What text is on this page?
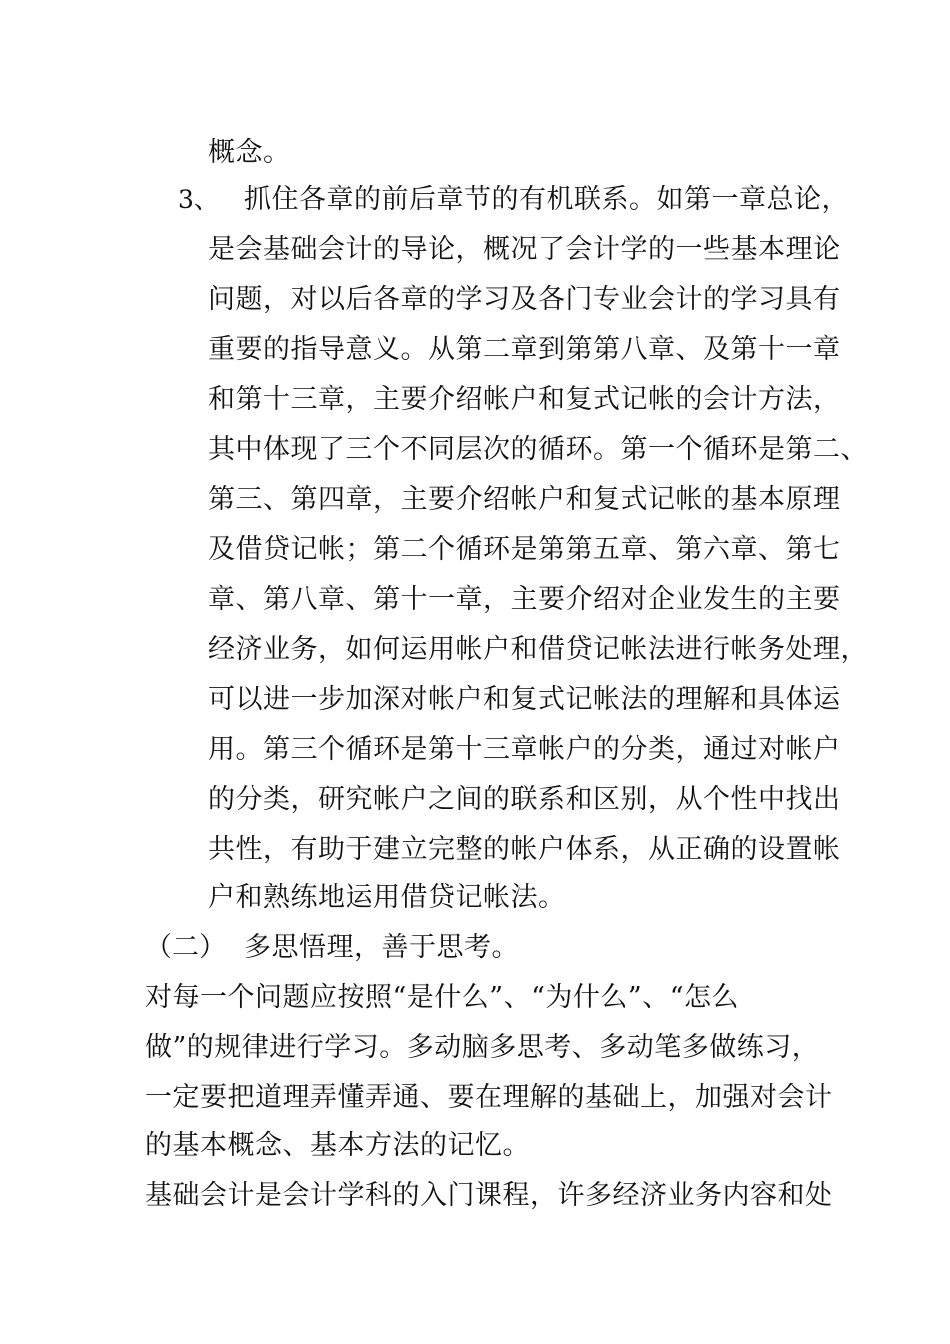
概念。
3、 抓住各章的前后章节的有机联系。如第一章总论，
是会基础会计的导论，概况了会计学的一些基本理论
问题，对以后各章的学习及各门专业会计的学习具有
重要的指导意义。从第二章到第第八章、及第十一章
和第十三章，主要介绍帐户和复式记帐的会计方法，
其中体现了三个不同层次的循环。第一个循环是第二、
第三、第四章，主要介绍帐户和复式记帐的基本原理
及借贷记帐；第二个循环是第第五章、第六章、第七
章、第八章、第十一章，主要介绍对企业发生的主要
经济业务，如何运用帐户和借贷记帐法进行帐务处理，
可以进一步加深对帐户和复式记帐法的理解和具体运
用。第三个循环是第十三章帐户的分类，通过对帐户
的分类，研究帐户之间的联系和区别，从个性中找出
共性，有助于建立完整的帐户体系，从正确的设置帐
户和熟练地运用借贷记帐法。
（二） 多思悟理，善于思考。
对每一个问题应按照“是什么”、“为什么”、“怎么
做”的规律进行学习。多动脑多思考、多动笔多做练习，
一定要把道理弄懂弄通、要在理解的基础上，加强对会计
的基本概念、基本方法的记忆。
基础会计是会计学科的入门课程，许多经济业务内容和处
